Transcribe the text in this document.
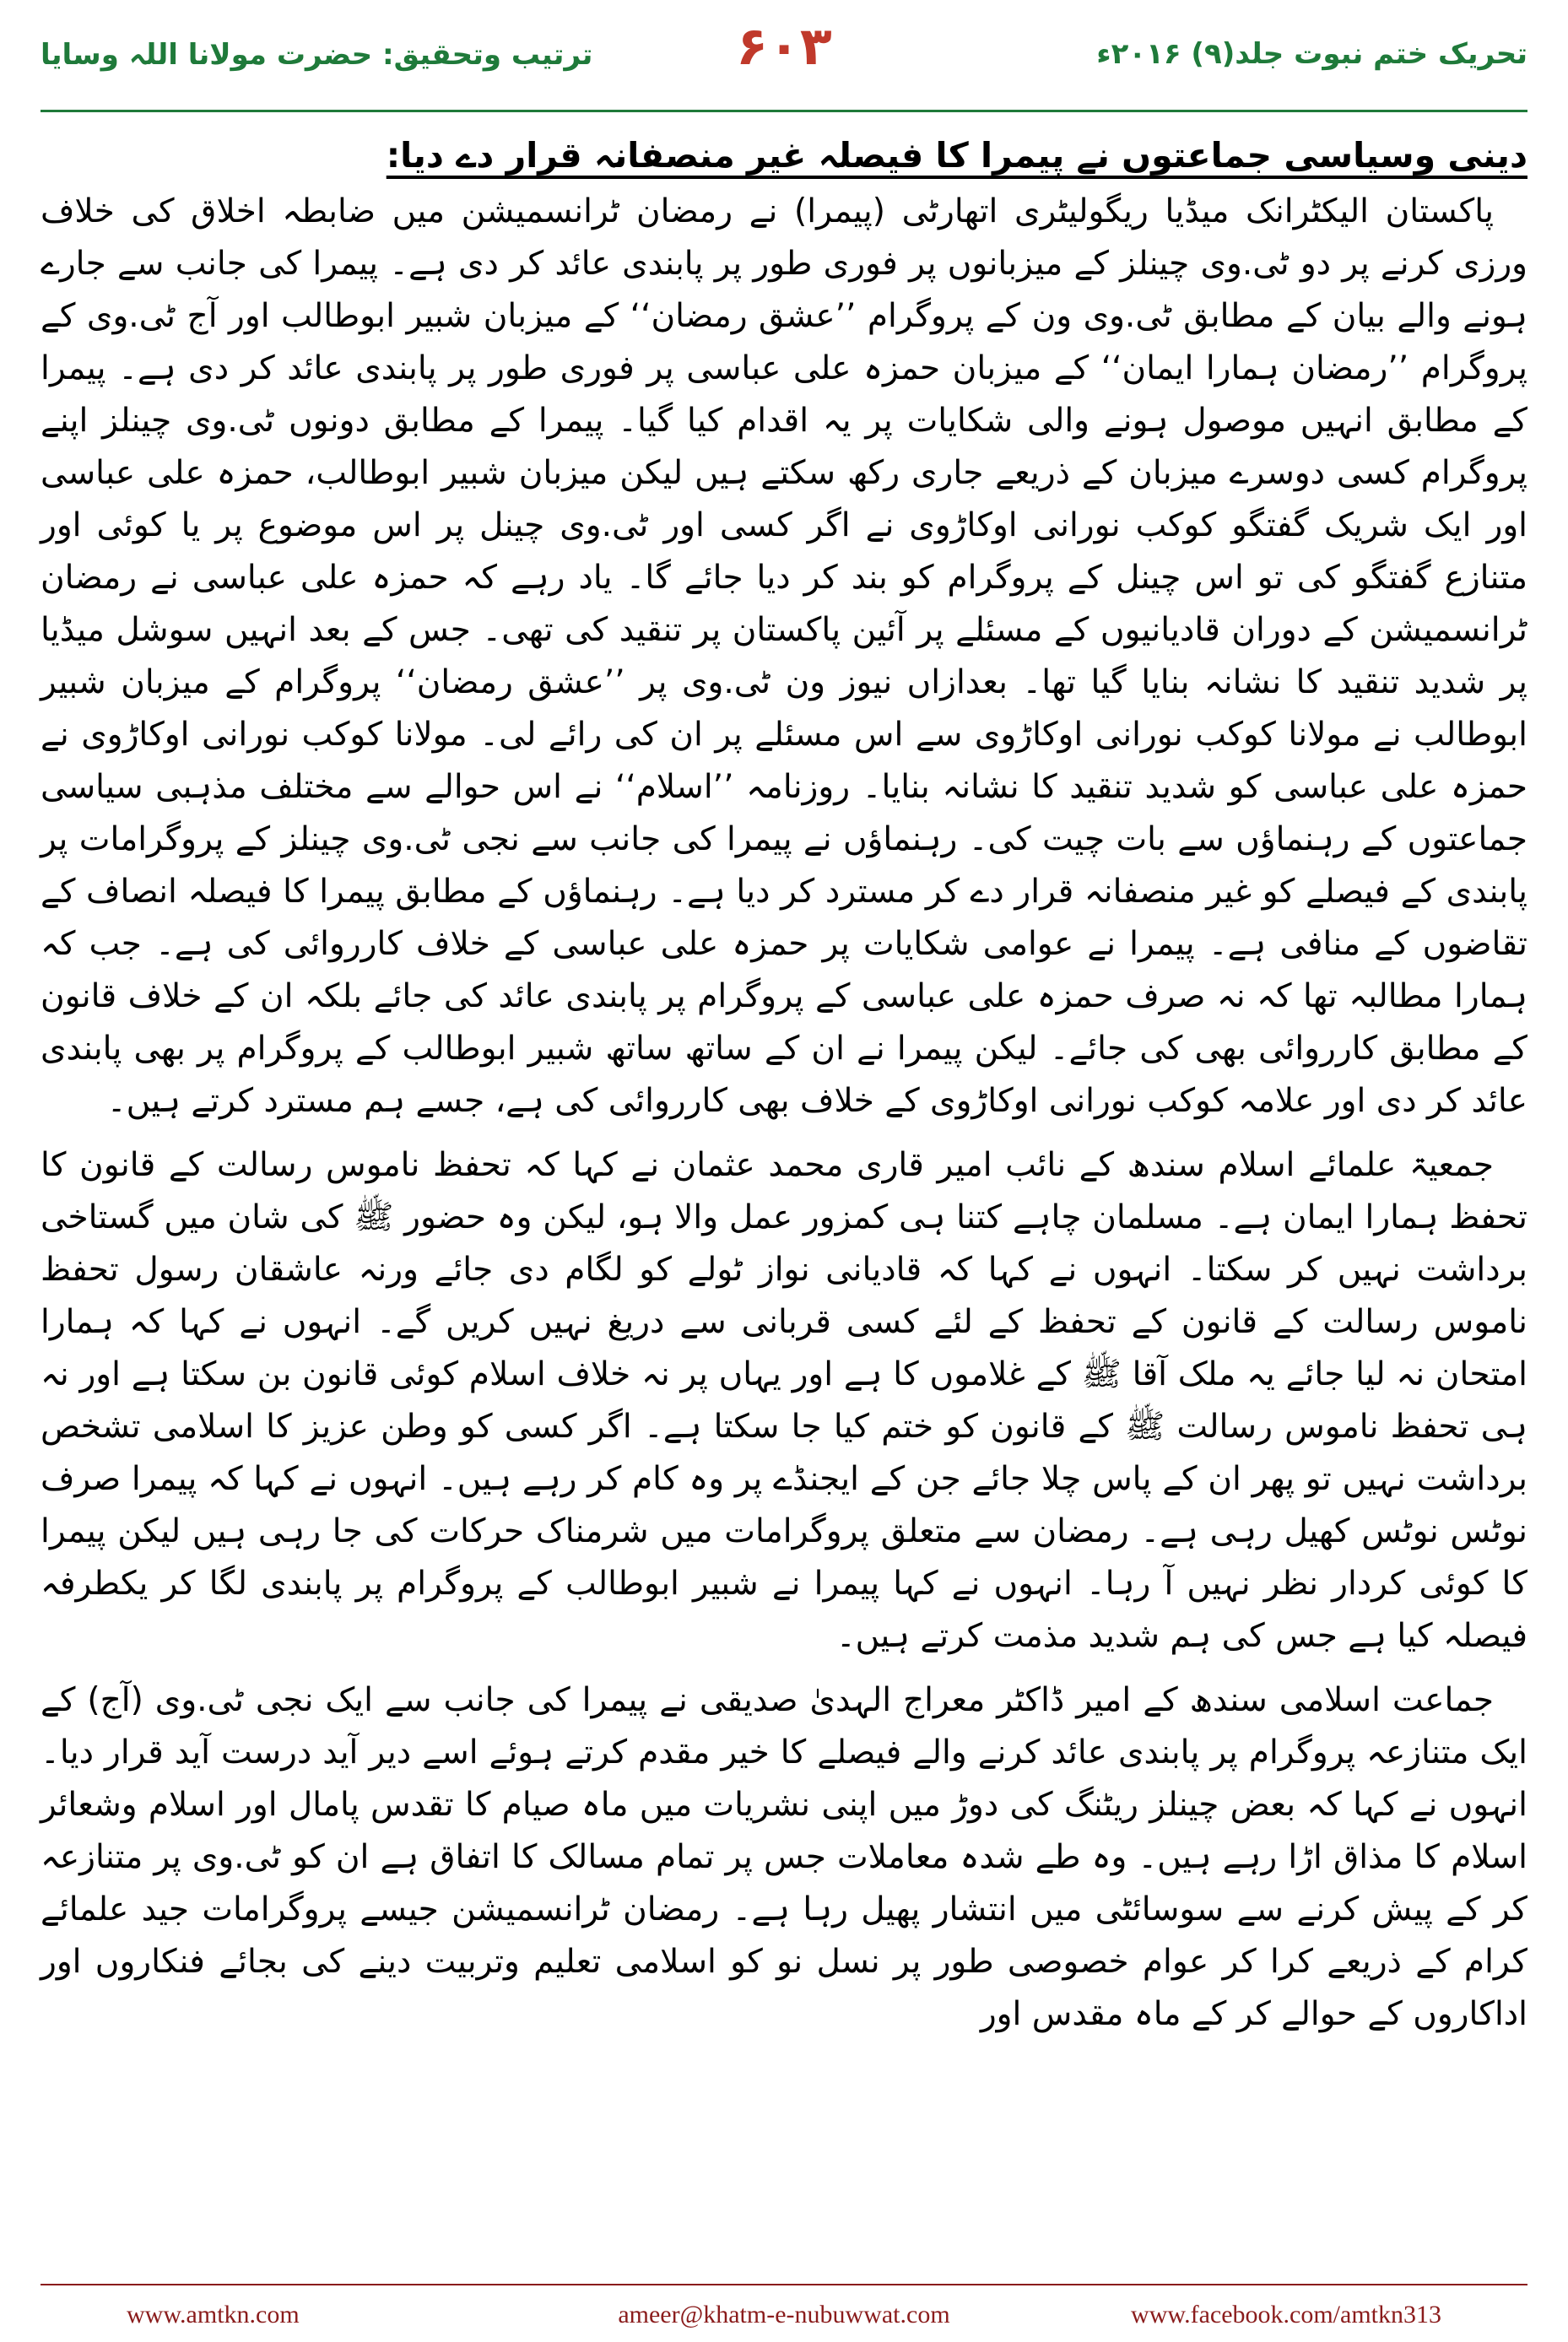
ترتیب وتحقیق: حضرت مولانا اللہ وسایا	۶۰۳	تحریک ختم نبوت جلد(۹) ۲۰۱۶ء
دینی وسیاسی جماعتوں نے پیمرا کا فیصلہ غیر منصفانہ قرار دے دیا:

پاکستان الیکٹرانک میڈیا ریگولیٹری اتھارٹی (پیمرا) نے رمضان ٹرانسمیشن میں ضابطہ اخلاق کی خلاف ورزی کرنے پر دو ٹی.وی چینلز کے میزبانوں پر فوری طور پر پابندی عائد کر دی ہے۔ پیمرا کی جانب سے جارے ہونے والے بیان کے مطابق ٹی.وی ون کے پروگرام ’’عشق رمضان‘‘ کے میزبان شبیر ابوطالب اور آج ٹی.وی کے پروگرام ’’رمضان ہمارا ایمان‘‘ کے میزبان حمزہ علی عباسی پر فوری طور پر پابندی عائد کر دی ہے۔ پیمرا کے مطابق انہیں موصول ہونے والی شکایات پر یہ اقدام کیا گیا۔ پیمرا کے مطابق دونوں ٹی.وی چینلز اپنے پروگرام کسی دوسرے میزبان کے ذریعے جاری رکھ سکتے ہیں لیکن میزبان شبیر ابوطالب، حمزہ علی عباسی اور ایک شریک گفتگو کوکب نورانی اوکاڑوی نے اگر کسی اور ٹی.وی چینل پر اس موضوع پر یا کوئی اور متنازع گفتگو کی تو اس چینل کے پروگرام کو بند کر دیا جائے گا۔ یاد رہے کہ حمزہ علی عباسی نے رمضان ٹرانسمیشن کے دوران قادیانیوں کے مسئلے پر آئین پاکستان پر تنقید کی تھی۔ جس کے بعد انہیں سوشل میڈیا پر شدید تنقید کا نشانہ بنایا گیا تھا۔ بعدازاں نیوز ون ٹی.وی پر ’’عشق رمضان‘‘ پروگرام کے میزبان شبیر ابوطالب نے مولانا کوکب نورانی اوکاڑوی سے اس مسئلے پر ان کی رائے لی۔ مولانا کوکب نورانی اوکاڑوی نے حمزہ علی عباسی کو شدید تنقید کا نشانہ بنایا۔ روزنامہ ’’اسلام‘‘ نے اس حوالے سے مختلف مذہبی سیاسی جماعتوں کے رہنماؤں سے بات چیت کی۔ رہنماؤں نے پیمرا کی جانب سے نجی ٹی.وی چینلز کے پروگرامات پر پابندی کے فیصلے کو غیر منصفانہ قرار دے کر مسترد کر دیا ہے۔ رہنماؤں کے مطابق پیمرا کا فیصلہ انصاف کے تقاضوں کے منافی ہے۔ پیمرا نے عوامی شکایات پر حمزہ علی عباسی کے خلاف کارروائی کی ہے۔ جب کہ ہمارا مطالبہ تھا کہ نہ صرف حمزہ علی عباسی کے پروگرام پر پابندی عائد کی جائے بلکہ ان کے خلاف قانون کے مطابق کارروائی بھی کی جائے۔ لیکن پیمرا نے ان کے ساتھ ساتھ شبیر ابوطالب کے پروگرام پر بھی پابندی عائد کر دی اور علامہ کوکب نورانی اوکاڑوی کے خلاف بھی کارروائی کی ہے، جسے ہم مسترد کرتے ہیں۔

جمعیۃ علمائے اسلام سندھ کے نائب امیر قاری محمد عثمان نے کہا کہ تحفظ ناموس رسالت کے قانون کا تحفظ ہمارا ایمان ہے۔ مسلمان چاہے کتنا ہی کمزور عمل والا ہو، لیکن وہ حضور ﷺ کی شان میں گستاخی برداشت نہیں کر سکتا۔ انہوں نے کہا کہ قادیانی نواز ٹولے کو لگام دی جائے ورنہ عاشقان رسول تحفظ ناموس رسالت کے قانون کے تحفظ کے لئے کسی قربانی سے دریغ نہیں کریں گے۔ انہوں نے کہا کہ ہمارا امتحان نہ لیا جائے یہ ملک آقا ﷺ کے غلاموں کا ہے اور یہاں پر نہ خلاف اسلام کوئی قانون بن سکتا ہے اور نہ ہی تحفظ ناموس رسالت ﷺ کے قانون کو ختم کیا جا سکتا ہے۔ اگر کسی کو وطن عزیز کا اسلامی تشخص برداشت نہیں تو پھر ان کے پاس چلا جائے جن کے ایجنڈے پر وہ کام کر رہے ہیں۔ انہوں نے کہا کہ پیمرا صرف نوٹس نوٹس کھیل رہی ہے۔ رمضان سے متعلق پروگرامات میں شرمناک حرکات کی جا رہی ہیں لیکن پیمرا کا کوئی کردار نظر نہیں آ رہا۔ انہوں نے کہا پیمرا نے شبیر ابوطالب کے پروگرام پر پابندی لگا کر یکطرفہ فیصلہ کیا ہے جس کی ہم شدید مذمت کرتے ہیں۔

جماعت اسلامی سندھ کے امیر ڈاکٹر معراج الہدیٰ صدیقی نے پیمرا کی جانب سے ایک نجی ٹی.وی (آج) کے ایک متنازعہ پروگرام پر پابندی عائد کرنے والے فیصلے کا خیر مقدم کرتے ہوئے اسے دیر آید درست آید قرار دیا۔ انہوں نے کہا کہ بعض چینلز ریٹنگ کی دوڑ میں اپنی نشریات میں ماہ صیام کا تقدس پامال اور اسلام وشعائر اسلام کا مذاق اڑا رہے ہیں۔ وہ طے شدہ معاملات جس پر تمام مسالک کا اتفاق ہے ان کو ٹی.وی پر متنازعہ کر کے پیش کرنے سے سوسائٹی میں انتشار پھیل رہا ہے۔ رمضان ٹرانسمیشن جیسے پروگرامات جید علمائے کرام کے ذریعے کرا کر عوام خصوصی طور پر نسل نو کو اسلامی تعلیم وتربیت دینے کی بجائے فنکاروں اور اداکاروں کے حوالے کر کے ماہ مقدس اور

www.amtkn.com	ameer@khatm-e-nubuwwat.com	www.facebook.com/amtkn313
